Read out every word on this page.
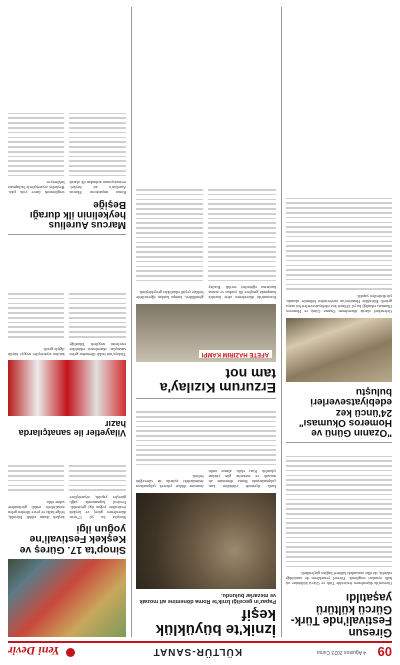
09
4 Ağustos 2023 Cuma
KÜLTÜR-SANAT
Yeni Devir
Giresun Festivali'nde Türk-Gürcü kültürü yaşatıldı
Giresun'da düzenlenen festivalde Türk ve Gürcü kültürüne ait halk oyunları sergilendi. Yöresel yemeklerin de tanıtıldığı etkinlik, iki ülke arasındaki kültürel bağları güçlendirdi.
"Ozanın Günü ve Homeros Okuması" 24'üncü kez edebiyatseverleri buluştu
Geleneksel olarak düzenlenen Ozanın Günü ve Homeros Okuması etkinliği bu yıl 24'üncü kez edebiyatseverleri bir araya getirdi. Etkinlikte Homeros'un eserlerinden bölümler okundu, şiir dinletileri yapıldı.
İznik'te büyüklük keşif
Papaz'ın geceliği İznik'te Roma dönemine ait mozaik ve mezarlar bulundu.
İznik ilçesinde yürütülen kazı çalışmalarında Roma dönemine ait mozaik ve mezarlar gün yüzüne çıkarıldı. Kazı ekibi, alanın tarihi önemine dikkat çekerek çalışmaların önümüzdeki aylarda da süreceğini belirtti.
Erzurum Kızılay'a tam not
AFETE HAZIRIM KAMPI
Erzurum'da düzenlenen afete hazırlık kampında gençlere ilk yardım ve arama kurtarma eğitimleri verildi. Kızılay gönüllüleri, kampa katılan öğrencilerle birlikte çeşitli etkinlikler gerçekleştirdi.
Sinop'ta 17. Güreş ve Keşkek Festivali'ne yoğun ilgi
Sinop'ta bu yıl 17'ncisi düzenlenen güreş ve keşkek festivaline yoğun ilgi gösterildi. Festival kapsamında yağlı güreşler yapıldı, ziyaretçilere keşkek ikram edildi. Etkinlik, bölge halkı ve çevre illerden gelen misafirlerle renkli görüntülere sahne oldu.
Vilayetler ile sanatçılarda hazır
Türkiye'nin farklı illerinden gelen sanatçılar, düzenlenen etkinlikte eserlerini sergiledi. Etkinliğe katılan ziyaretçiler sergiyi büyük ilgiyle gezdi.
Marcus Aurelius heykelinin ilk durağı Beşiğe
Roma imparatoru Marcus Aurelius'a ait heykel, restorasyonun ardından ilk olarak sergilenmek üzere yola çıktı. Heykelin ziyaretçilerle buluşması bekleniyor.
